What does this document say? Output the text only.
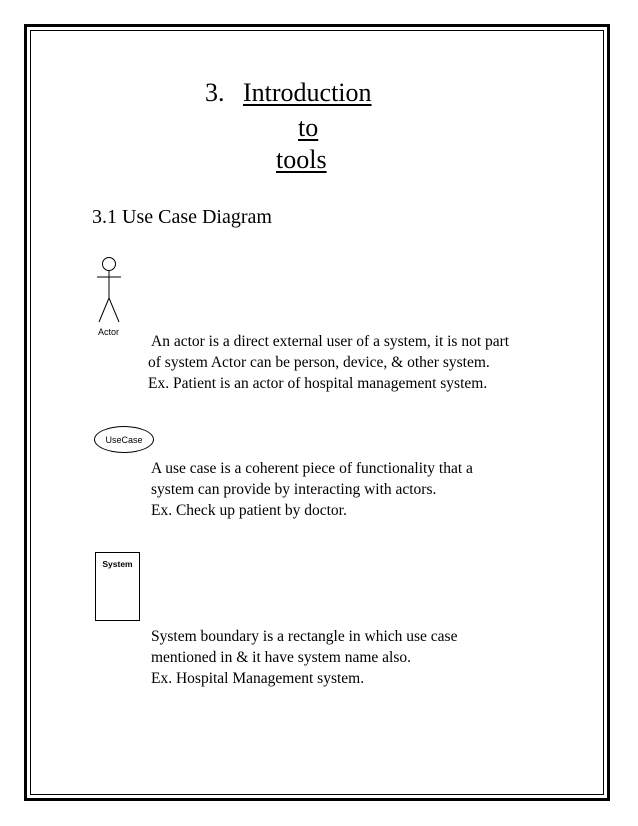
3. Introduction
to
tools
3.1 Use Case Diagram
Actor
An actor is a direct external user of a system, it is not part
of system Actor can be person, device, & other system.
Ex. Patient is an actor of hospital management system.
UseCase
A use case is a coherent piece of functionality that a
system can provide by interacting with actors.
Ex. Check up patient by doctor.
System
System boundary is a rectangle in which use case
mentioned in & it have system name also.
Ex. Hospital Management system.
